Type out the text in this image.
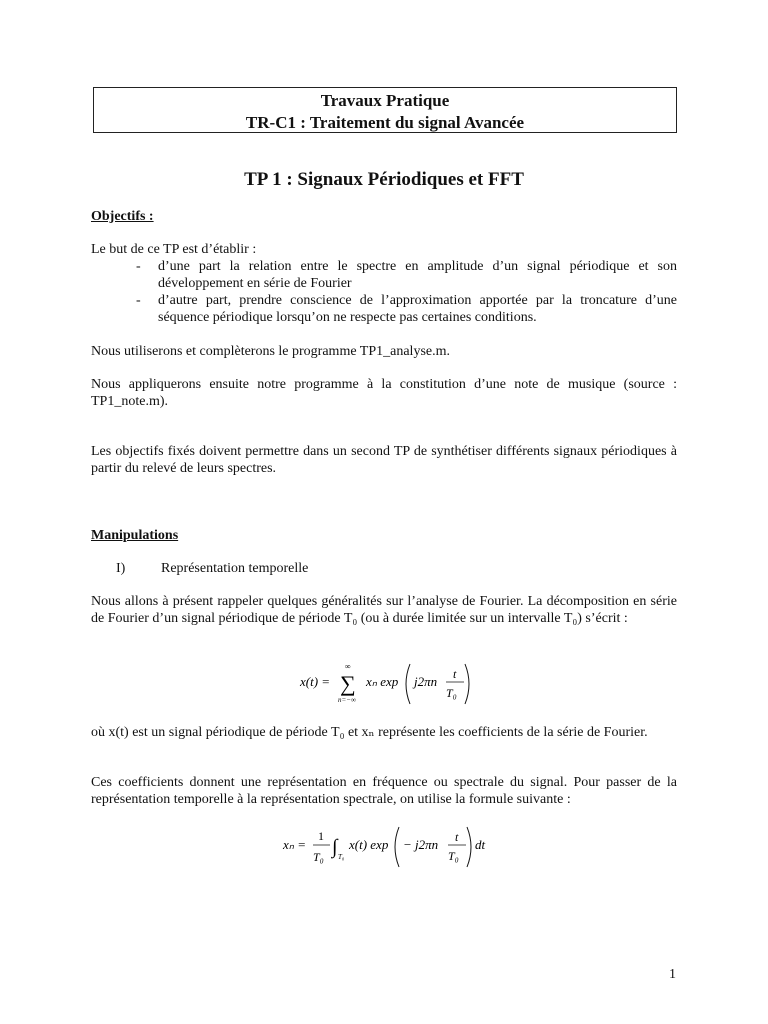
Travaux Pratique
TR-C1 : Traitement du signal Avancée
TP 1 : Signaux Périodiques et FFT
Objectifs :
Le but de ce TP est d’établir :
- d’une part la relation entre le spectre en amplitude d’un signal périodique et son développement en série de Fourier
- d’autre part, prendre conscience de l’approximation apportée par la troncature d’une séquence périodique lorsqu’on ne respecte pas certaines conditions.
Nous utiliserons et complèterons le programme TP1_analyse.m.
Nous appliquerons ensuite notre programme à la constitution d’une note de musique (source : TP1_note.m).
Les objectifs fixés doivent permettre dans un second TP de synthétiser différents signaux périodiques à partir du relevé de leurs spectres.
Manipulations
I)	Représentation temporelle
Nous allons à présent rappeler quelques généralités sur l’analyse de Fourier. La décomposition en série de Fourier d’un signal périodique de période T₀ (ou à durée limitée sur un intervalle T₀) s’écrit :
x(t) =
∞
∑
n=−∞
xₙ exp j2πn t
T₀
où x(t) est un signal périodique de période T₀ et xₙ représente les coefficients de la série de Fourier.
Ces coefficients donnent une représentation en fréquence ou spectrale du signal. Pour passer de la représentation temporelle à la représentation spectrale, on utilise la formule suivante :
xₙ =
1
T₀ ∫ T₀
x(t) exp − j2πn t
T₀
dt
1
